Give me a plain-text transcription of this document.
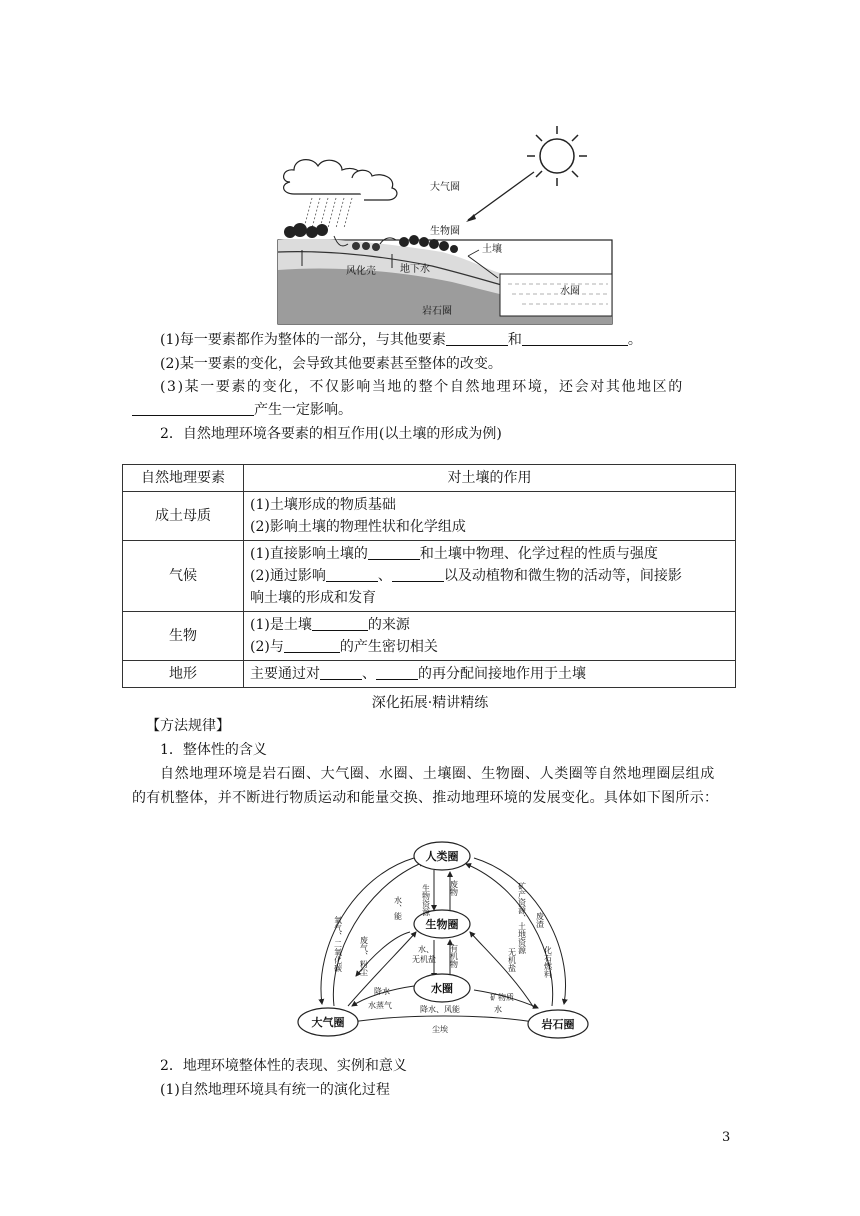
大气圈
生物圈
土壤
风化壳 地下水
水圈
岩石圈
(1)每一要素都作为整体的一部分，与其他要素	和	。
(2)某一要素的变化，会导致其他要素甚至整体的改变。
(3)某一要素的变化，不仅影响当地的整个自然地理环境，还会对其他地区的
产生一定影响。
2．自然地理环境各要素的相互作用(以土壤的形成为例)
自然地理要素	对土壤的作用
成土母质	(1)土壤形成的物质基础
(2)影响土壤的物理性状和化学组成

气候	(1)直接影响土壤的 和土壤中物理、化学过程的性质与强度
(2)通过影响 、 以及动植物和微生物的活动等，间接影
响土壤的形成和发育

生物	(1)是土壤 的来源
(2)与 的产生密切相关

地形	主要通过对 、 的再分配间接地作用于土壤
深化拓展·精讲精练
【方法规律】
1．整体性的含义
自然地理环境是岩石圈、大气圈、水圈、土壤圈、生物圈、人类圈等自然地理圈层组成
的有机整体，并不断进行物质运动和能量交换、推动地理环境的发展变化。具体如下图所示：
人类圈
生物圈
水圈
大气圈	岩石圈
生物资源 废物
水、能
水、
无机盐 有机物
降水
水蒸气	降水、风能
尘埃
矿物质
水
废渣
化石燃料
氧气、二氧化碳 废气、粉尘
矿产资源、土地资源
无机盐
2．地理环境整体性的表现、实例和意义
(1)自然地理环境具有统一的演化过程
3
